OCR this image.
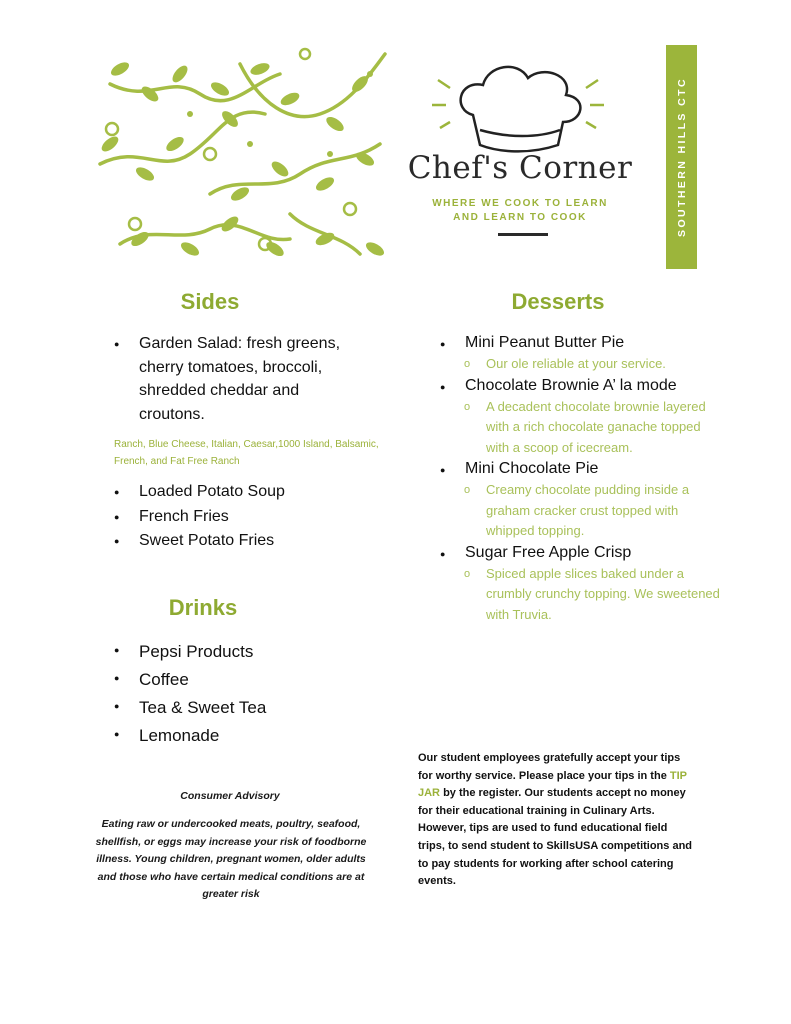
Chef's Corner
WHERE WE COOK TO LEARN
AND LEARN TO COOK	SOUTHERN HILLS CTC
Sides
● Garden Salad: fresh greens, cherry tomatoes, broccoli, shredded cheddar and croutons.
Ranch, Blue Cheese, Italian, Caesar,1000 Island, Balsamic, French, and Fat Free Ranch
● Loaded Potato Soup
● French Fries
● Sweet Potato Fries
Drinks
● Pepsi Products
● Coffee
● Tea & Sweet Tea
● Lemonade
Desserts
● Mini Peanut Butter Pie
o Our ole reliable at your service.
● Chocolate Brownie A’ la mode
o A decadent chocolate brownie layered with a rich chocolate ganache topped with a scoop of icecream.
● Mini Chocolate Pie
o Creamy chocolate pudding inside a graham cracker crust topped with whipped topping.
● Sugar Free Apple Crisp
o Spiced apple slices baked under a crumbly crunchy topping. We sweetened with Truvia.
Consumer Advisory
Eating raw or undercooked meats, poultry, seafood, shellfish, or eggs may increase your risk of foodborne illness. Young children, pregnant women, older adults and those who have certain medical conditions are at greater risk
Our student employees gratefully accept your tips for worthy service. Please place your tips in the TIP JAR by the register. Our students accept no money for their educational training in Culinary Arts. However, tips are used to fund educational field trips, to send student to SkillsUSA competitions and to pay students for working after school catering events.
